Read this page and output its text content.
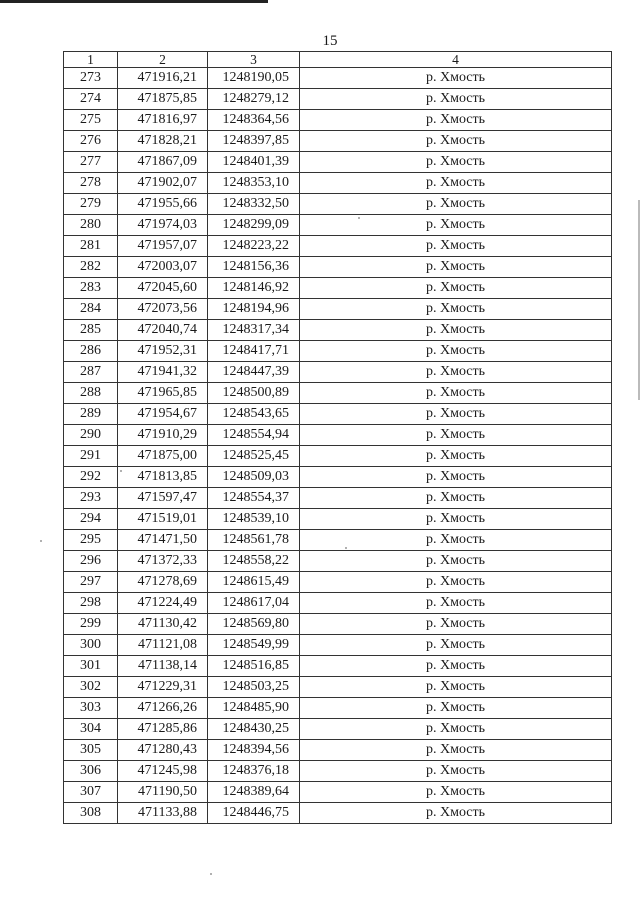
15
1	2	3	4
273	471916,21	1248190,05	р. Хмость
274	471875,85	1248279,12	р. Хмость
275	471816,97	1248364,56	р. Хмость
276	471828,21	1248397,85	р. Хмость
277	471867,09	1248401,39	р. Хмость
278	471902,07	1248353,10	р. Хмость
279	471955,66	1248332,50	р. Хмость
280	471974,03	1248299,09	р. Хмость
281	471957,07	1248223,22	р. Хмость
282	472003,07	1248156,36	р. Хмость
283	472045,60	1248146,92	р. Хмость
284	472073,56	1248194,96	р. Хмость
285	472040,74	1248317,34	р. Хмость
286	471952,31	1248417,71	р. Хмость
287	471941,32	1248447,39	р. Хмость
288	471965,85	1248500,89	р. Хмость
289	471954,67	1248543,65	р. Хмость
290	471910,29	1248554,94	р. Хмость
291	471875,00	1248525,45	р. Хмость
292	471813,85	1248509,03	р. Хмость
293	471597,47	1248554,37	р. Хмость
294	471519,01	1248539,10	р. Хмость
295	471471,50	1248561,78	р. Хмость
296	471372,33	1248558,22	р. Хмость
297	471278,69	1248615,49	р. Хмость
298	471224,49	1248617,04	р. Хмость
299	471130,42	1248569,80	р. Хмость
300	471121,08	1248549,99	р. Хмость
301	471138,14	1248516,85	р. Хмость
302	471229,31	1248503,25	р. Хмость
303	471266,26	1248485,90	р. Хмость
304	471285,86	1248430,25	р. Хмость
305	471280,43	1248394,56	р. Хмость
306	471245,98	1248376,18	р. Хмость
307	471190,50	1248389,64	р. Хмость
308	471133,88	1248446,75	р. Хмость
